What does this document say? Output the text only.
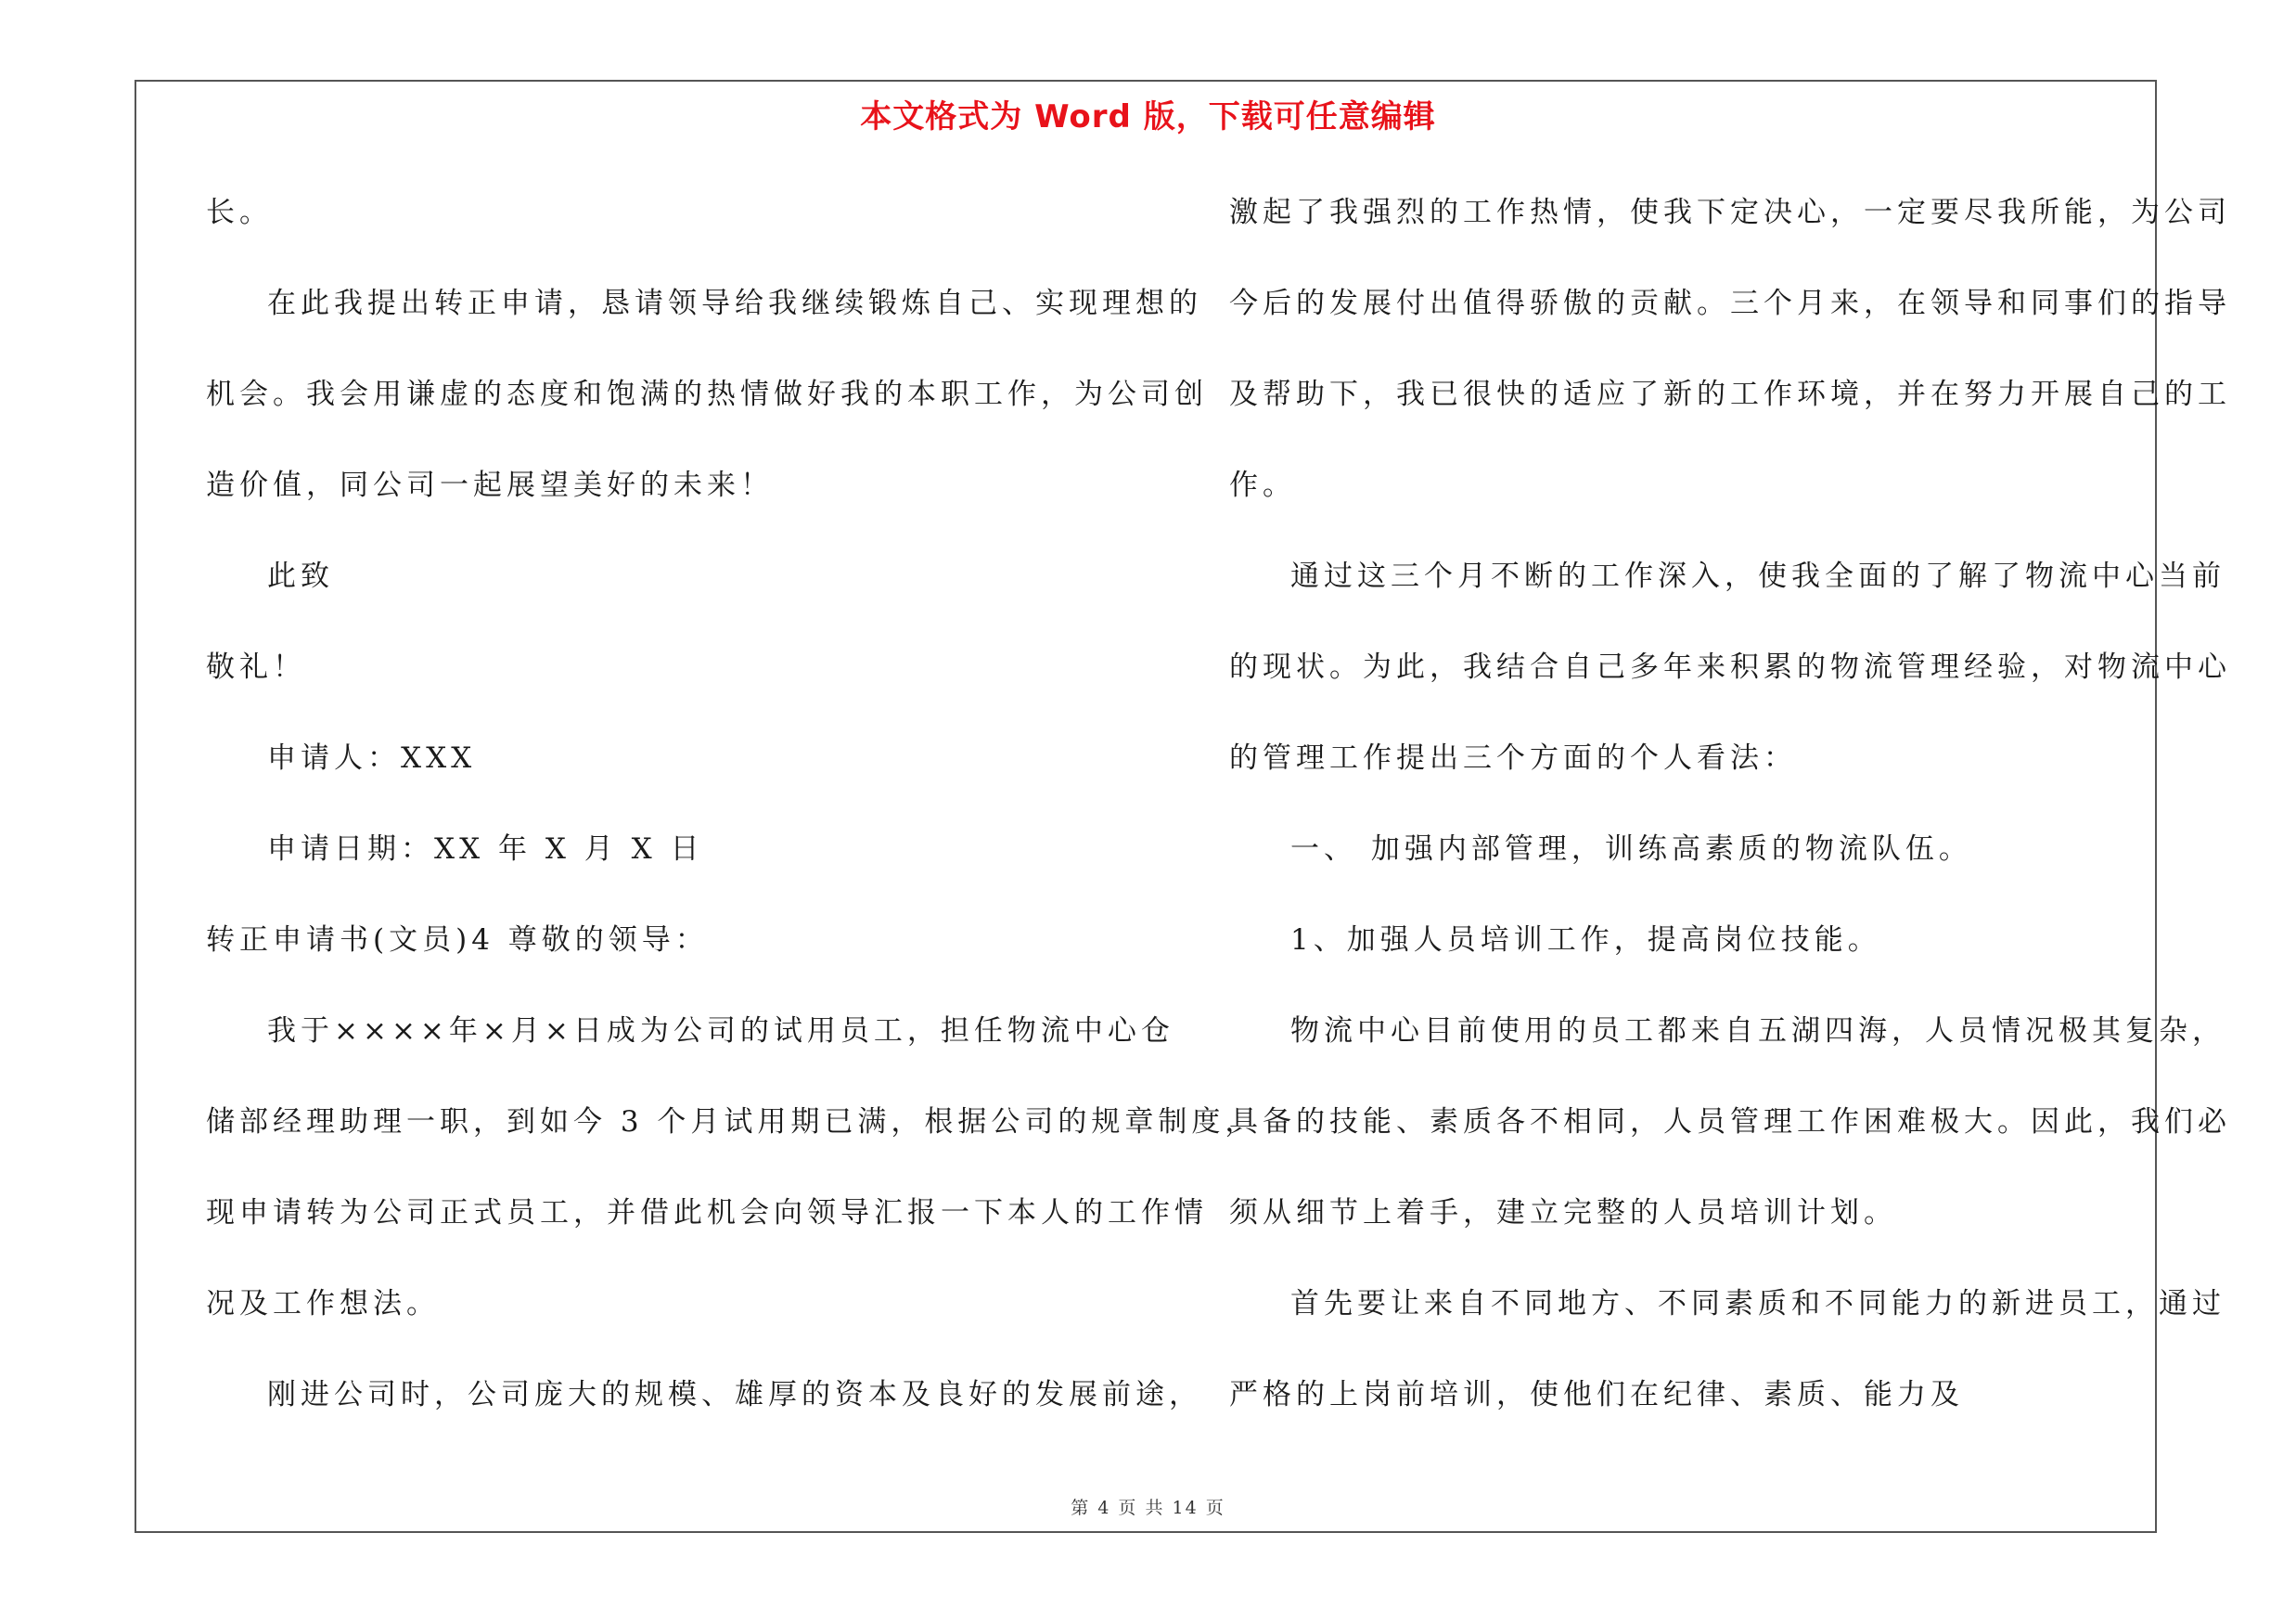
本文格式为 Word 版，下载可任意编辑
长。
在此我提出转正申请，恳请领导给我继续锻炼自己、实现理想的
机会。我会用谦虚的态度和饱满的热情做好我的本职工作，为公司创
造价值，同公司一起展望美好的未来！
此致
敬礼！
申请人：XXX
申请日期：XX 年 X 月 X 日
转正申请书(文员)4 尊敬的领导：
我于××××年×月×日成为公司的试用员工，担任物流中心仓
储部经理助理一职，到如今 3 个月试用期已满，根据公司的规章制度，
现申请转为公司正式员工，并借此机会向领导汇报一下本人的工作情
况及工作想法。
刚进公司时，公司庞大的规模、雄厚的资本及良好的发展前途，
激起了我强烈的工作热情，使我下定决心，一定要尽我所能，为公司
今后的发展付出值得骄傲的贡献。三个月来，在领导和同事们的指导
及帮助下，我已很快的适应了新的工作环境，并在努力开展自己的工
作。
通过这三个月不断的工作深入，使我全面的了解了物流中心当前
的现状。为此，我结合自己多年来积累的物流管理经验，对物流中心
的管理工作提出三个方面的个人看法：
一、 加强内部管理，训练高素质的物流队伍。
1、加强人员培训工作，提高岗位技能。
物流中心目前使用的员工都来自五湖四海，人员情况极其复杂，
具备的技能、素质各不相同，人员管理工作困难极大。因此，我们必
须从细节上着手，建立完整的人员培训计划。
首先要让来自不同地方、不同素质和不同能力的新进员工，通过
严格的上岗前培训，使他们在纪律、素质、能力及
第 4 页 共 14 页
